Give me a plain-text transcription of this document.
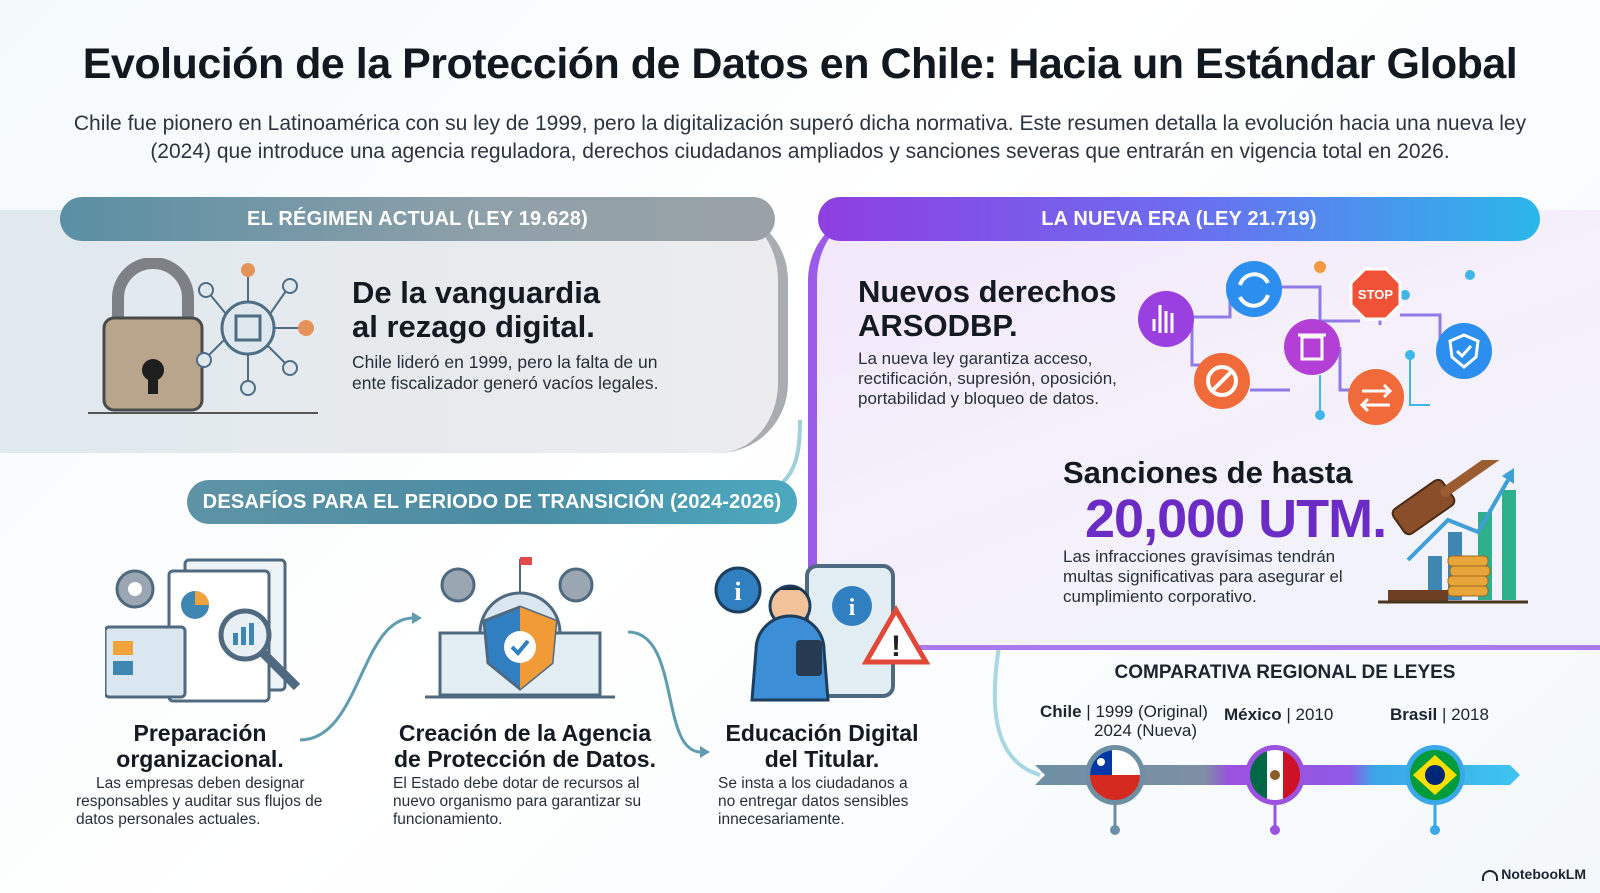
Evolución de la Protección de Datos en Chile: Hacia un Estándar Global
Chile fue pionero en Latinoamérica con su ley de 1999, pero la digitalización superó dicha normativa. Este resumen detalla la evolución hacia una nueva ley (2024) que introduce una agencia reguladora, derechos ciudadanos ampliados y sanciones severas que entrarán en vigencia total en 2026.
EL RÉGIMEN ACTUAL (LEY 19.628)
De la vanguardia
al rezago digital.
Chile lideró en 1999, pero la falta de un
ente fiscalizador generó vacíos legales.
LA NUEVA ERA (LEY 21.719)
Nuevos derechos
ARSODBP.
La nueva ley garantiza acceso,
rectificación, supresión, oposición,
portabilidad y bloqueo de datos.
STOP
Sanciones de hasta
20,000 UTM.
Las infracciones gravísimas tendrán
multas significativas para asegurar el
cumplimiento corporativo.
DESAFÍOS PARA EL PERIODO DE TRANSICIÓN (2024-2026)
i
i
!
Preparación
organizacional.
Las empresas deben designar
responsables y auditar sus flujos de
datos personales actuales.
Creación de la Agencia
de Protección de Datos.
El Estado debe dotar de recursos al
nuevo organismo para garantizar su
funcionamiento.
Educación Digital
del Titular.
Se insta a los ciudadanos a
no entregar datos sensibles
innecesariamente.
COMPARATIVA REGIONAL DE LEYES
Chile | 1999 (Original)
2024 (Nueva)
México | 2010	Brasil | 2018
NotebookLM
